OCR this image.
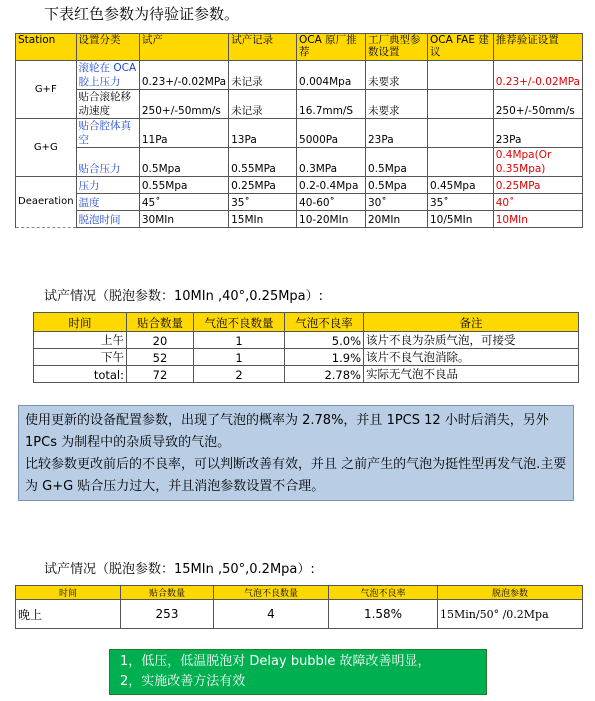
下表红色参数为待验证参数。
Station	设置分类	试产	试产记录	OCA 原厂推荐	工厂典型参数设置	OCA FAE 建议	推荐验证设置
G+F	滚轮在 OCA 胶上压力	0.23+/-0.02MPa	未记录	0.004Mpa	未要求		0.23+/-0.02MPa
	贴合滚轮移动速度	250+/-50mm/s	未记录	16.7mm/S	未要求		250+/-50mm/s
G+G	贴合腔体真空	11Pa	13Pa	5000Pa	23Pa		23Pa
	贴合压力	0.5Mpa	0.55MPa	0.3MPa	0.5Mpa		0.4Mpa(Or 0.35Mpa)
Deaeration	压力	0.55Mpa	0.25MPa	0.2-0.4Mpa	0.5Mpa	0.45Mpa	0.25MPa
	温度	45˚	35˚	40-60˚	30˚	35˚	40˚
	脱泡时间	30MIn	15MIn	10-20MIn	20MIn	10/5MIn	10MIn
试产情况（脱泡参数：10MIn ,40°,0.25Mpa）:
时间	贴合数量	气泡不良数量	气泡不良率	备注
上午	20	1	5.0%	该片不良为杂质气泡，可接受
下午	52	1	1.9%	该片不良气泡消除。
total:	72	2	2.78%	实际无气泡不良品
使用更新的设备配置参数，出现了气泡的概率为 2.78%，并且 1PCS 12 小时后消失，另外 1PCs 为制程中的杂质导致的气泡。
比较参数更改前后的不良率，可以判断改善有效，并且 之前产生的气泡为挺性型再发气泡.主要为 G+G 贴合压力过大，并且消泡参数设置不合理。
试产情况（脱泡参数：15MIn ,50°,0.2Mpa）:
时间	贴合数量	气泡不良数量	气泡不良率	脱泡参数
晚上	253	4	1.58%	15Min/50° /0.2Mpa
1，低压，低温脱泡对 Delay bubble 故障改善明显，
2，实施改善方法有效
